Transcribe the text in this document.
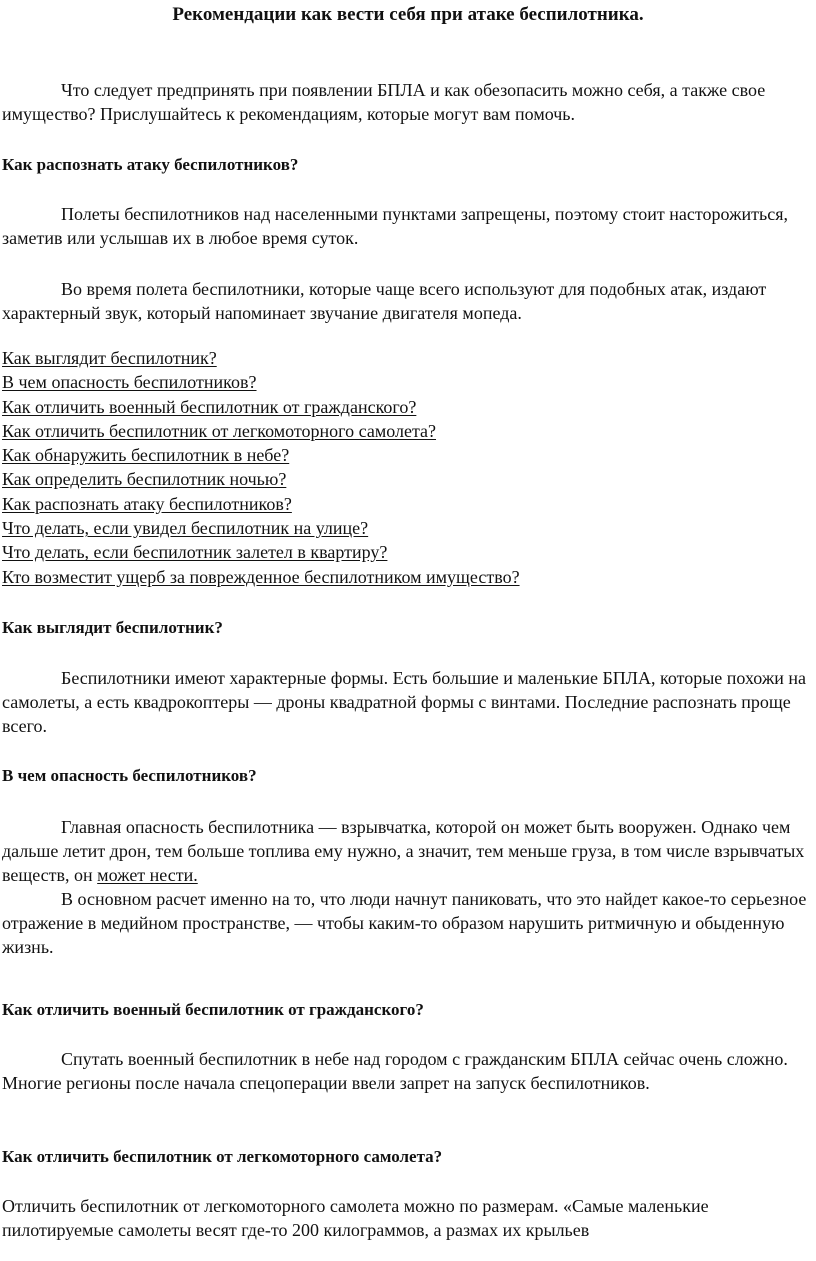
Рекомендации как вести себя при атаке беспилотника.

Что следует предпринять при появлении БПЛА и как обезопасить можно себя, а также свое имущество? Прислушайтесь к рекомендациям, которые могут вам помочь.

Как распознать атаку беспилотников?

Полеты беспилотников над населенными пунктами запрещены, поэтому стоит насторожиться, заметив или услышав их в любое время суток.

Во время полета беспилотники, которые чаще всего используют для подобных атак, издают характерный звук, который напоминает звучание двигателя мопеда.

Как выглядит беспилотник?
В чем опасность беспилотников?
Как отличить военный беспилотник от гражданского?
Как отличить беспилотник от легкомоторного самолета?
Как обнаружить беспилотник в небе?
Как определить беспилотник ночью?
Как распознать атаку беспилотников?
Что делать, если увидел беспилотник на улице?
Что делать, если беспилотник залетел в квартиру?
Кто возместит ущерб за поврежденное беспилотником имущество?
Как выглядит беспилотник?

Беспилотники имеют характерные формы. Есть большие и маленькие БПЛА, которые похожи на самолеты, а есть квадрокоптеры — дроны квадратной формы с винтами. Последние распознать проще всего.

В чем опасность беспилотников?

Главная опасность беспилотника — взрывчатка, которой он может быть вооружен. Однако чем дальше летит дрон, тем больше топлива ему нужно, а значит, тем меньше груза, в том числе взрывчатых веществ, он может нести.

В основном расчет именно на то, что люди начнут паниковать, что это найдет какое-то серьезное отражение в медийном пространстве, — чтобы каким-то образом нарушить ритмичную и обыденную жизнь.

Как отличить военный беспилотник от гражданского?

Спутать военный беспилотник в небе над городом с гражданским БПЛА сейчас очень сложно. Многие регионы после начала спецоперации ввели запрет на запуск беспилотников.

Как отличить беспилотник от легкомоторного самолета?

Отличить беспилотник от легкомоторного самолета можно по размерам. «Самые маленькие пилотируемые самолеты весят где-то 200 килограммов, а размах их крыльев
